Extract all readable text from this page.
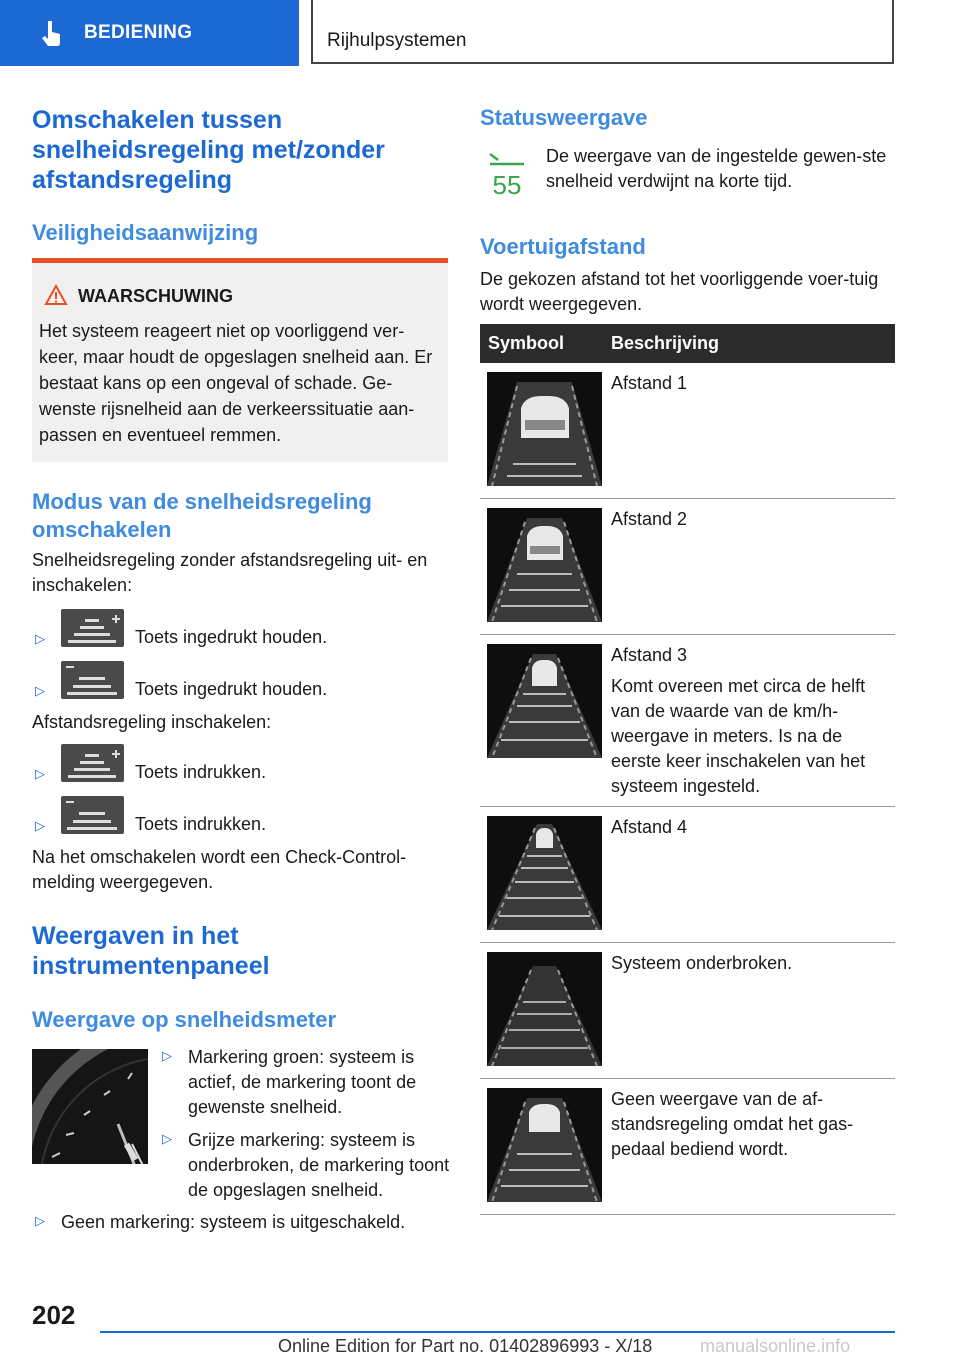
BEDIENING	Rijhulpsystemen
Omschakelen tussen snelheidsregeling met/zonder afstandsregeling
Veiligheidsaanwijzing
WAARSCHUWING
Het systeem reageert niet op voorliggend ver-keer, maar houdt de opgeslagen snelheid aan. Er bestaat kans op een ongeval of schade. Ge-wenste rijsnelheid aan de verkeerssituatie aan-passen en eventueel remmen.
Modus van de snelheidsregeling omschakelen

Snelheidsregeling zonder afstandsregeling uit- en inschakelen:

▷	Toets ingedrukt houden.
▷	Toets ingedrukt houden.

Afstandsregeling inschakelen:

▷	Toets indrukken.
▷	Toets indrukken.

Na het omschakelen wordt een Check-Control-melding weergegeven.

Weergaven in het instrumentenpaneel
Weergave op snelheidsmeter
▷ Markering groen: systeem is actief, de markering toont de gewenste snelheid.

▷ Grijze markering: systeem is onderbroken, de markering toont de opgeslagen snelheid.

▷ Geen markering: systeem is uitgeschakeld.

Statusweergave
55

De weergave van de ingestelde gewen-ste snelheid verdwijnt na korte tijd.

Voertuigafstand

De gekozen afstand tot het voorliggende voer-tuig wordt weergegeven.

Symbool	Beschrijving

Afstand 1

Afstand 2

Afstand 3

Komt overeen met circa de helft van de waarde van de km/h-weergave in meters. Is na de eerste keer inschakelen van het systeem ingesteld.

Afstand 4

Systeem onderbroken.

Geen weergave van de af-standsregeling omdat het gas-pedaal bediend wordt.

202
Online Edition for Part no. 01402896993 - X/18	manualsonline.info
